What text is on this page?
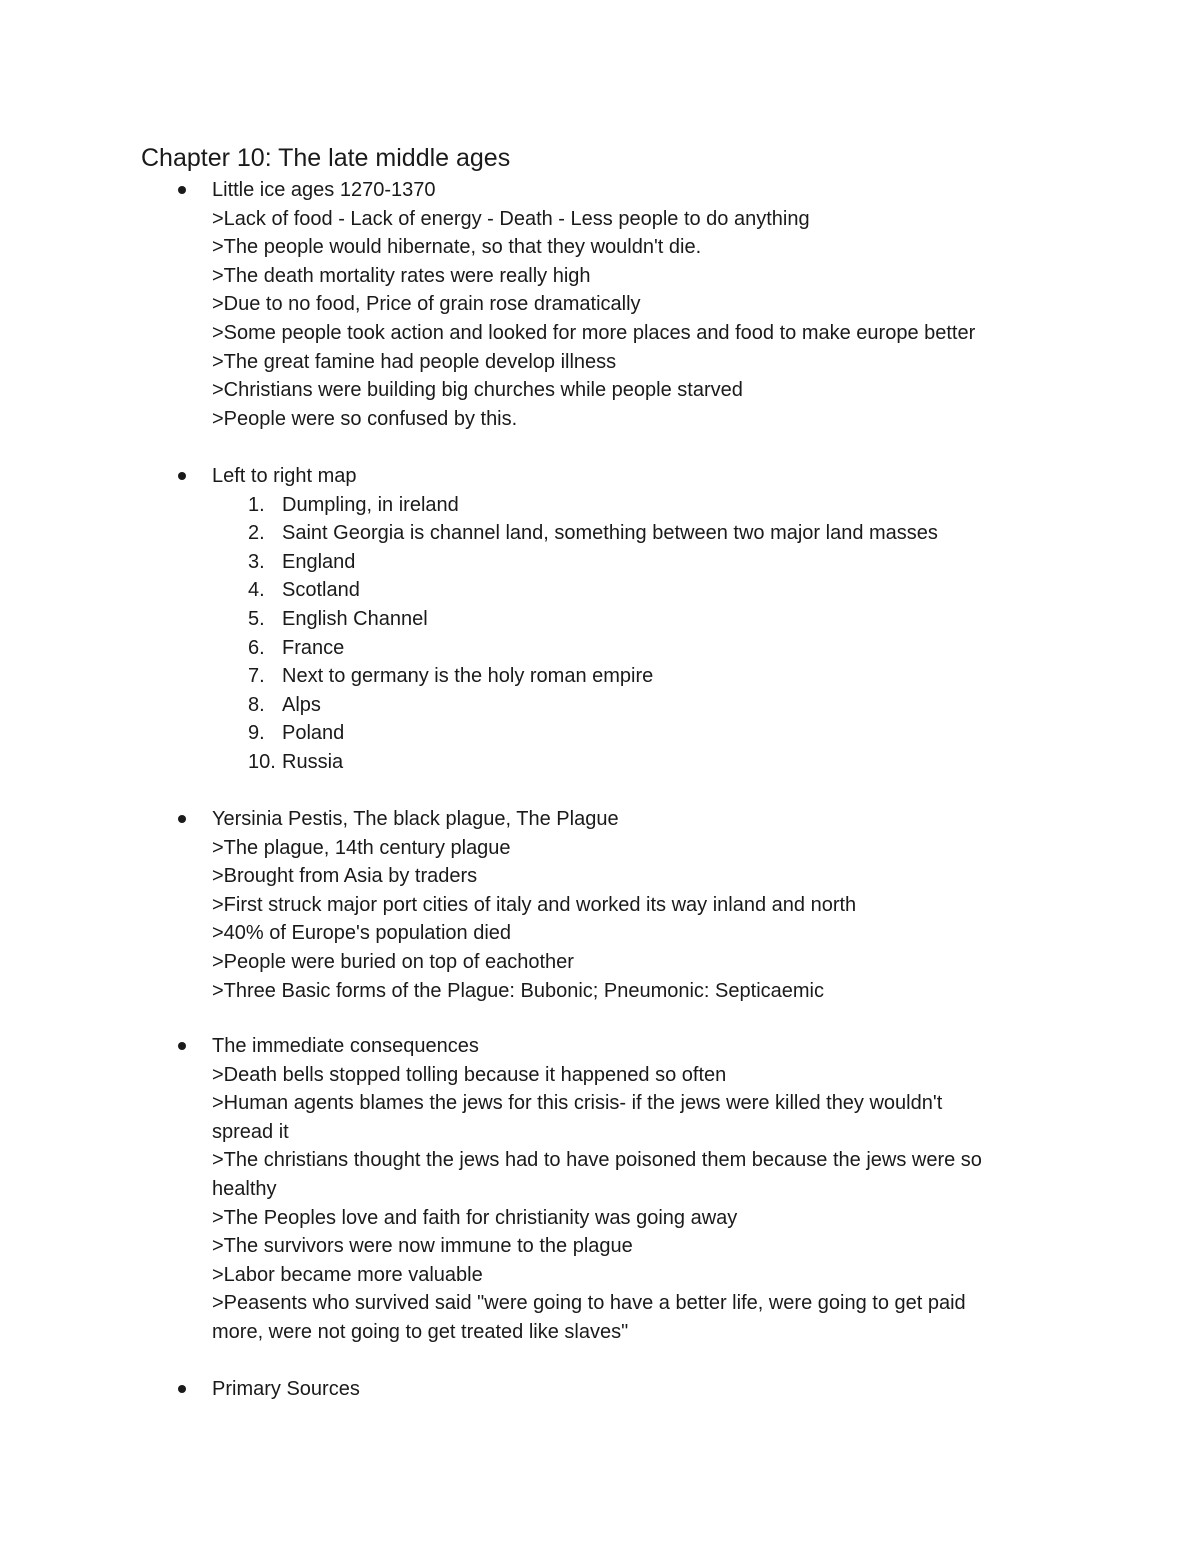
Chapter 10: The late middle ages
Little ice ages 1270-1370
>Lack of food - Lack of energy - Death - Less people to do anything
>The people would hibernate, so that they wouldn't die.
>The death mortality rates were really high
>Due to no food, Price of grain rose dramatically
>Some people took action and looked for more places and food to make europe better
>The great famine had people develop illness
>Christians were building big churches while people starved
>People were so confused by this.
Left to right map
1. Dumpling, in ireland
2. Saint Georgia is channel land, something between two major land masses
3. England
4. Scotland
5. English Channel
6. France
7. Next to germany is the holy roman empire
8. Alps
9. Poland
10. Russia
Yersinia Pestis, The black plague, The Plague
>The plague, 14th century plague
>Brought from Asia by traders
>First struck major port cities of italy and worked its way inland and north
>40% of Europe's population died
>People were buried on top of eachother
>Three Basic forms of the Plague: Bubonic; Pneumonic: Septicaemic
The immediate consequences
>Death bells stopped tolling because it happened so often
>Human agents blames the jews for this crisis- if the jews were killed they wouldn't
spread it
>The christians thought the jews had to have poisoned them because the jews were so
healthy
>The Peoples love and faith for christianity was going away
>The survivors were now immune to the plague
>Labor became more valuable
>Peasents who survived said "were going to have a better life, were going to get paid
more, were not going to get treated like slaves"
Primary Sources
